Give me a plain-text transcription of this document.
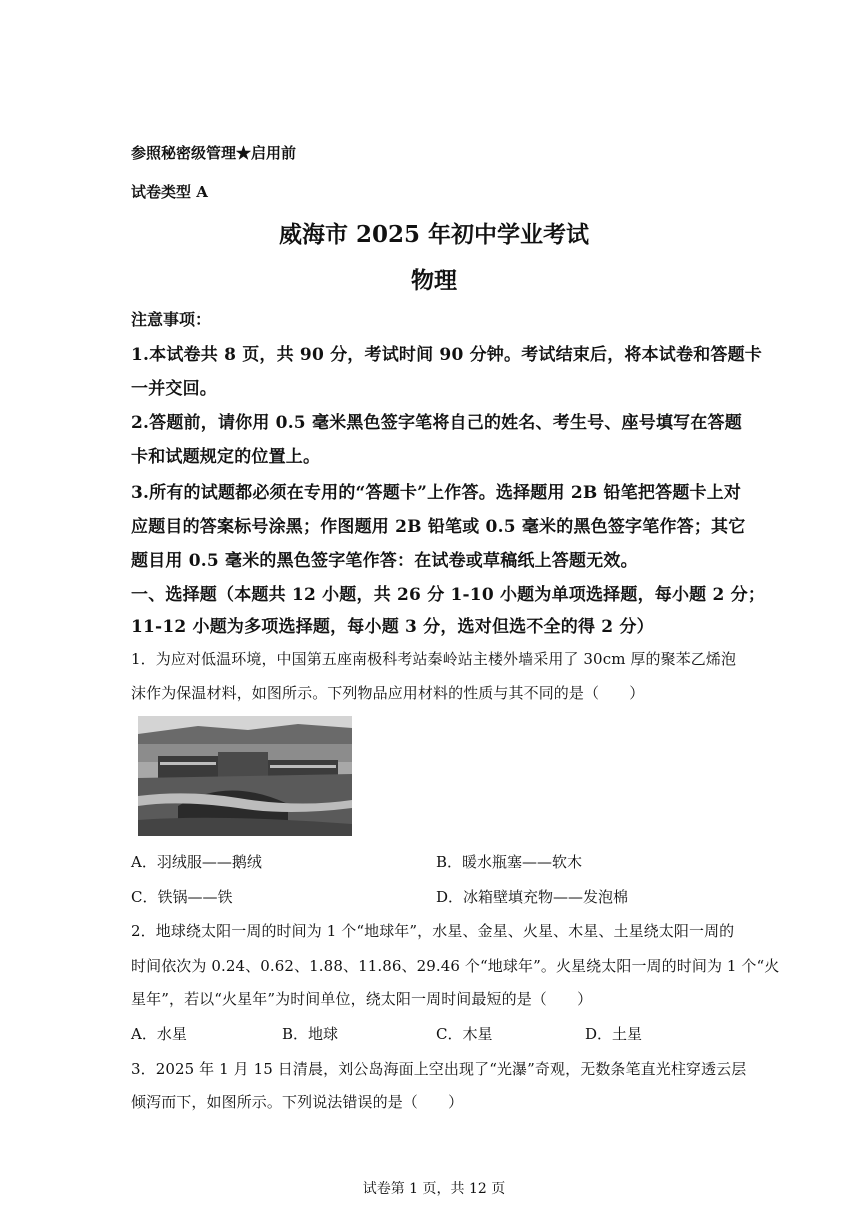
参照秘密级管理★启用前
试卷类型 A
威海市 2025 年初中学业考试
物理
注意事项：
1.本试卷共 8 页，共 90 分，考试时间 90 分钟。考试结束后，将本试卷和答题卡
一并交回。
2.答题前，请你用 0.5 毫米黑色签字笔将自己的姓名、考生号、座号填写在答题
卡和试题规定的位置上。
3.所有的试题都必须在专用的“答题卡”上作答。选择题用 2B 铅笔把答题卡上对
应题目的答案标号涂黑；作图题用 2B 铅笔或 0.5 毫米的黑色签字笔作答；其它
题目用 0.5 毫米的黑色签字笔作答：在试卷或草稿纸上答题无效。
一、选择题（本题共 12 小题，共 26 分 1-10 小题为单项选择题，每小题 2 分；
11-12 小题为多项选择题，每小题 3 分，选对但选不全的得 2 分）
1．为应对低温环境，中国第五座南极科考站秦岭站主楼外墙采用了 30cm 厚的聚苯乙烯泡
沫作为保温材料，如图所示。下列物品应用材料的性质与其不同的是（　　）
A．羽绒服——鹅绒	B．暖水瓶塞——软木
C．铁锅——铁	D．冰箱壁填充物——发泡棉
2．地球绕太阳一周的时间为 1 个“地球年”，水星、金星、火星、木星、土星绕太阳一周的
时间依次为 0.24、0.62、1.88、11.86、29.46 个“地球年”。火星绕太阳一周的时间为 1 个“火
星年”，若以“火星年”为时间单位，绕太阳一周时间最短的是（　　）
A．水星	B．地球	C．木星	D．土星
3．2025 年 1 月 15 日清晨，刘公岛海面上空出现了“光瀑”奇观，无数条笔直光柱穿透云层
倾泻而下，如图所示。下列说法错误的是（　　）
试卷第 1 页，共 12 页
